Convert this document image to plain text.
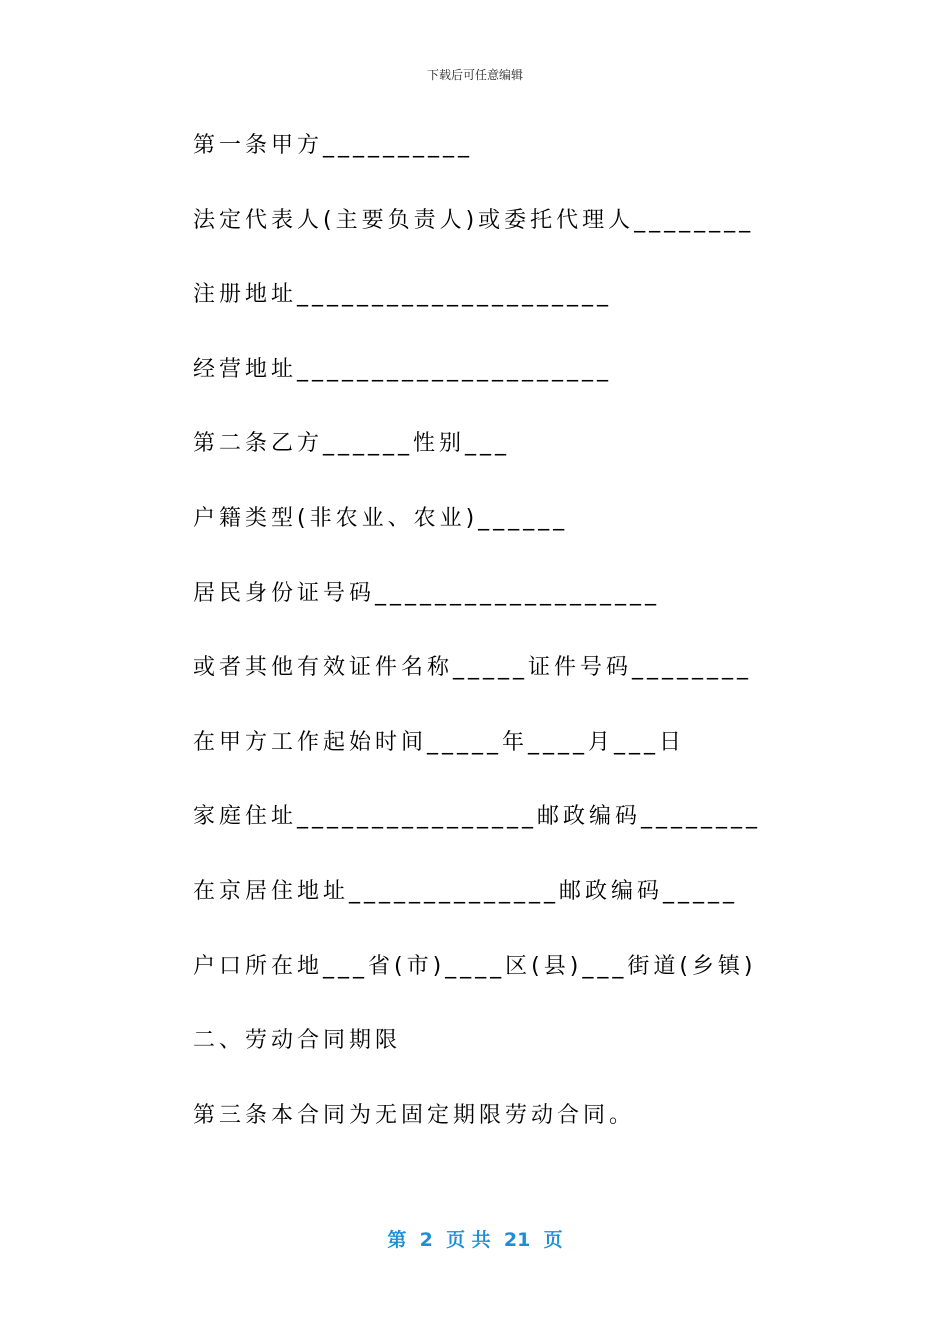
下载后可任意编辑
第一条甲方__________
法定代表人(主要负责人)或委托代理人________
注册地址_____________________
经营地址_____________________
第二条乙方______性别___
户籍类型(非农业、农业)______
居民身份证号码___________________
或者其他有效证件名称_____证件号码________
在甲方工作起始时间_____年____月___日
家庭住址________________邮政编码________
在京居住地址______________邮政编码_____
户口所在地___省(市)____区(县)___街道(乡镇)
二、劳动合同期限
第三条本合同为无固定期限劳动合同。
第  2  页 共  21  页
